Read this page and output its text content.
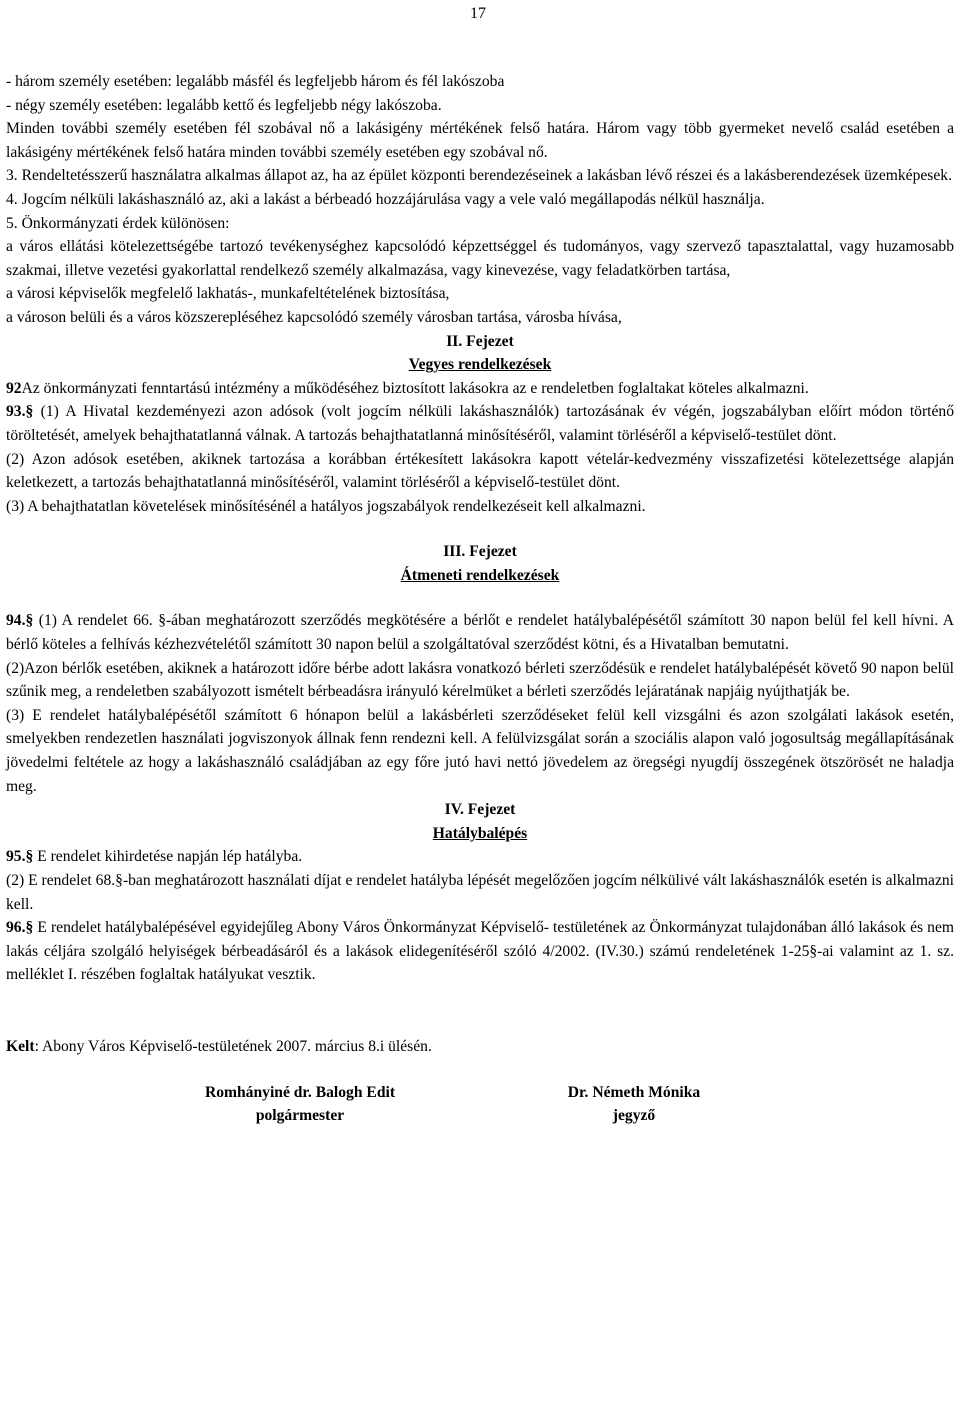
17

- három személy esetében: legalább másfél és legfeljebb három és fél lakószoba

- négy személy esetében: legalább kettő és legfeljebb négy lakószoba.

Minden további személy esetében fél szobával nő a lakásigény mértékének felső határa. Három vagy több gyermeket nevelő család esetében a lakásigény mértékének felső határa minden további személy esetében egy szobával nő.

3. Rendeltetésszerű használatra alkalmas állapot az, ha az épület központi berendezéseinek a lakásban lévő részei és a lakásberendezések üzemképesek.

4. Jogcím nélküli lakáshasználó az, aki a lakást a bérbeadó hozzájárulása vagy a vele való megállapodás nélkül használja.

5. Önkormányzati érdek különösen:

a város ellátási kötelezettségébe tartozó tevékenységhez kapcsolódó képzettséggel és tudományos, vagy szervező tapasztalattal, vagy huzamosabb szakmai, illetve vezetési gyakorlattal rendelkező személy alkalmazása, vagy kinevezése, vagy feladatkörben tartása,

a városi képviselők megfelelő lakhatás-, munkafeltételének biztosítása,

a városon belüli és a város közszerepléséhez kapcsolódó személy városban tartása, városba hívása,

II. Fejezet

Vegyes rendelkezések

92Az önkormányzati fenntartású intézmény a működéséhez biztosított lakásokra az e rendeletben foglaltakat köteles alkalmazni.

93.§ (1) A Hivatal kezdeményezi azon adósok (volt jogcím nélküli lakáshasználók) tartozásának év végén, jogszabályban előírt módon történő töröltetését, amelyek behajthatatlanná válnak. A tartozás behajthatatlanná minősítéséről, valamint törléséről a képviselő-testület dönt.

(2) Azon adósok esetében, akiknek tartozása a korábban értékesített lakásokra kapott vételár-kedvezmény visszafizetési kötelezettsége alapján keletkezett, a tartozás behajthatatlanná minősítéséről, valamint törléséről a képviselő-testület dönt.

(3) A behajthatatlan követelések minősítésénél a hatályos jogszabályok rendelkezéseit kell alkalmazni.

III. Fejezet

Átmeneti rendelkezések

94.§ (1) A rendelet 66. §-ában meghatározott szerződés megkötésére a bérlőt e rendelet hatálybalépésétől számított 30 napon belül fel kell hívni. A bérlő köteles a felhívás kézhezvételétől számított 30 napon belül a szolgáltatóval szerződést kötni, és a Hivatalban bemutatni.

(2)Azon bérlők esetében, akiknek a határozott időre bérbe adott lakásra vonatkozó bérleti szerződésük e rendelet hatálybalépését követő 90 napon belül szűnik meg, a rendeletben szabályozott ismételt bérbeadásra irányuló kérelmüket a bérleti szerződés lejáratának napjáig nyújthatják be.

(3) E rendelet hatálybalépésétől számított 6 hónapon belül a lakásbérleti szerződéseket felül kell vizsgálni és azon szolgálati lakások esetén, smelyekben rendezetlen használati jogviszonyok állnak fenn rendezni kell. A felülvizsgálat során a szociális alapon való jogosultság megállapításának jövedelmi feltétele az hogy a lakáshasználó családjában az egy főre jutó havi nettó jövedelem az öregségi nyugdíj összegének ötszörösét ne haladja meg.

IV. Fejezet

Hatálybalépés

95.§ E rendelet kihirdetése napján lép hatályba.

(2) E rendelet 68.§-ban meghatározott használati díjat e rendelet hatályba lépését megelőzően jogcím nélkülivé vált lakáshasználók esetén is alkalmazni kell.

96.§ E rendelet hatálybalépésével egyidejűleg Abony Város Önkormányzat Képviselő- testületének az Önkormányzat tulajdonában álló lakások és nem lakás céljára szolgáló helyiségek bérbeadásáról és a lakások elidegenítéséről szóló 4/2002. (IV.30.) számú rendeletének 1-25§-ai valamint az 1. sz. melléklet I. részében foglaltak hatályukat vesztik.

Kelt: Abony Város Képviselő-testületének 2007. március 8.i ülésén.

Romhányiné dr. Balogh Edit
polgármester
Dr. Németh Mónika
jegyző
